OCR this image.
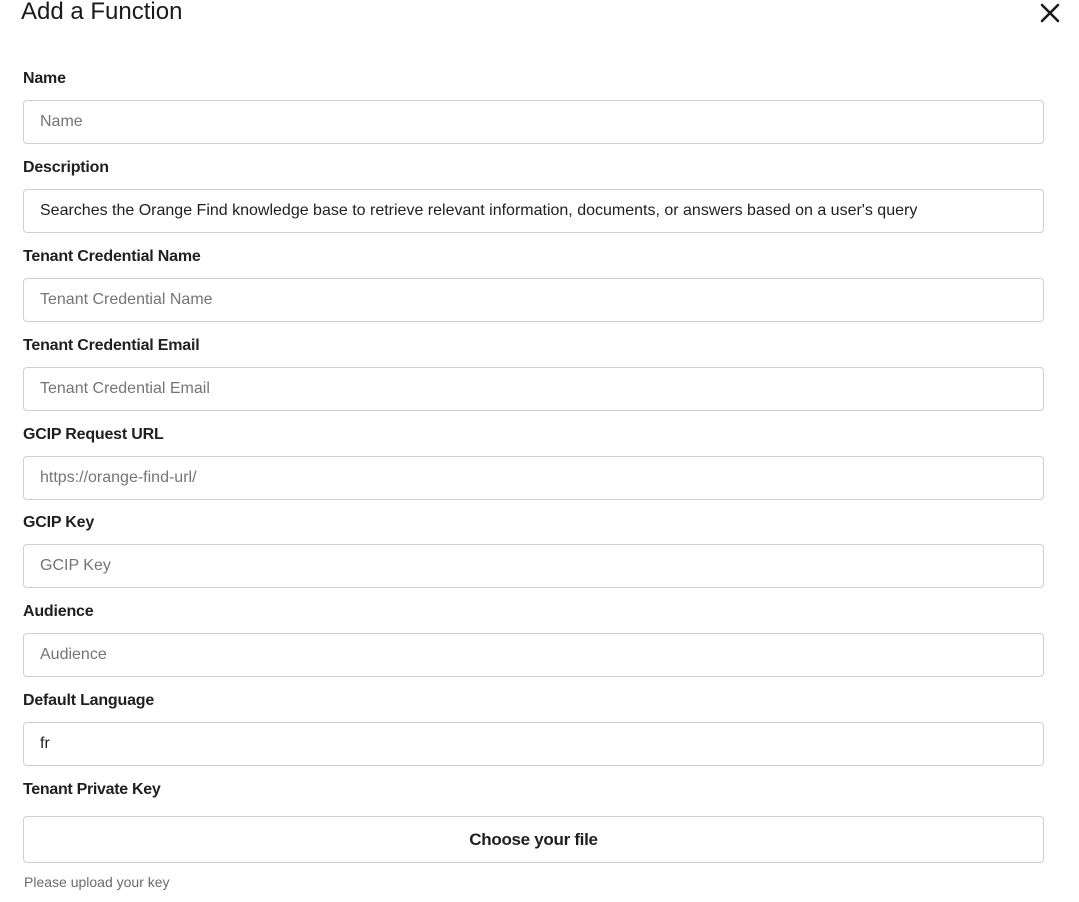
Add a Function
Name
Name
Description
Searches the Orange Find knowledge base to retrieve relevant information, documents, or answers based on a user's query
Tenant Credential Name
Tenant Credential Name
Tenant Credential Email
Tenant Credential Email
GCIP Request URL
https://orange-find-url/
GCIP Key
GCIP Key
Audience
Audience
Default Language
fr
Tenant Private Key
Choose your file
Please upload your key
